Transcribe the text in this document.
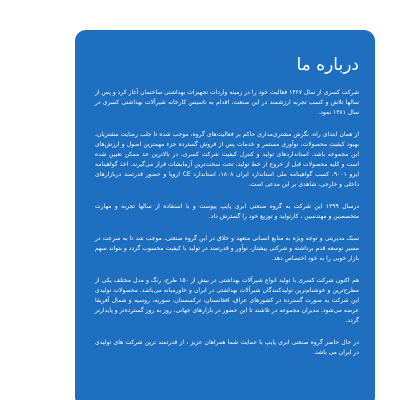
درباره ما

شرکت کسری از سال ۱۳۶۷ فعالیت خود را در زمینه واردات تجهیزات بهداشتی ساختمان آغاز کرد و پس از سالها تلاش و کسب تجربه ارزشمند در این صنعت، اقدام به تاسیس کارخانه شیرآلات بهداشتی کسری در سال ۱۳۸۱ نمود.

از همان ابتدای راه، نگرش مشتری‌مداری حاکم بر فعالیت‌های گروه، موجب شده تا جلب رضایت مشتریان، بهبود کیفیت محصولات، نوآوری مستمر و خدمات پس از فروش گسترده جزء مهمترین اصول و ارزش‌های این مجموعه باشد. استانداردهای تولید و کنترل کیفیت شرکت کسری، در بالاترین حد ممکن تعیین شده است و کلیه محصولات قبل از خروج از خط تولید، تحت سخت‌ترین آزمایشات قرار می‌گیرند. اخذ گواهینامه ایزو ۹۰۰۱، کسب گواهینامه ملی استاندارد ایران ۱۸۰۸، استاندارد CE اروپا و حضور قدرتمند دربازارهای داخلی و خارجی، شاهدی بر این مدعی است.

درسال ۱۳۹۹ این شرکت به گروه صنعتی ابری پایپ پیوست و با استفاده از سالها تجربه و مهارت متخصصین و مهندسین ، کارتولید و توزیع خود را گسترش داد.

سبک مدیریتی و توجه ویژه به منابع انسانی متعهد و خلاق در این گروه صنعتی، موجب شد تا به سرعت در مسیر توسعه قدم برداشته و شرکتی پیشتاز، نوآور و قدرتمند در تولید با کیفیت محسوب گردد و بتواند سهم بازار خوبی را به خود اختصاص دهد.

هم اکنون شرکت کسری با تولید انواع شیرآلات بهداشتی در بیش از ۱۵۰ طرح، رنگ و مدل مختلف یکی از مطرح‌ترین و خوشنام‌ترین تولیدکنندگان شیرآلات بهداشتی در ایران و خاورمیانه می‌باشد. محصولات تولیدی این شرکت به صورت گسترده در کشورهای عراق، افغانستان، ترکمنستان، سوریه، روسیه و شمال آفریقا عرضه می‌شود. مدیران مجموعه در تلاشند تا این حضور در بازارهای جهانی، روز به روز گسترده‌تر و پایدارتر گردد.

در حال حاضر گروه صنعتی ابری پایپ با حمایت شما همراهان عزیز ، از قدرتمند ترین شرکت های تولیدی در ایران می باشد.
